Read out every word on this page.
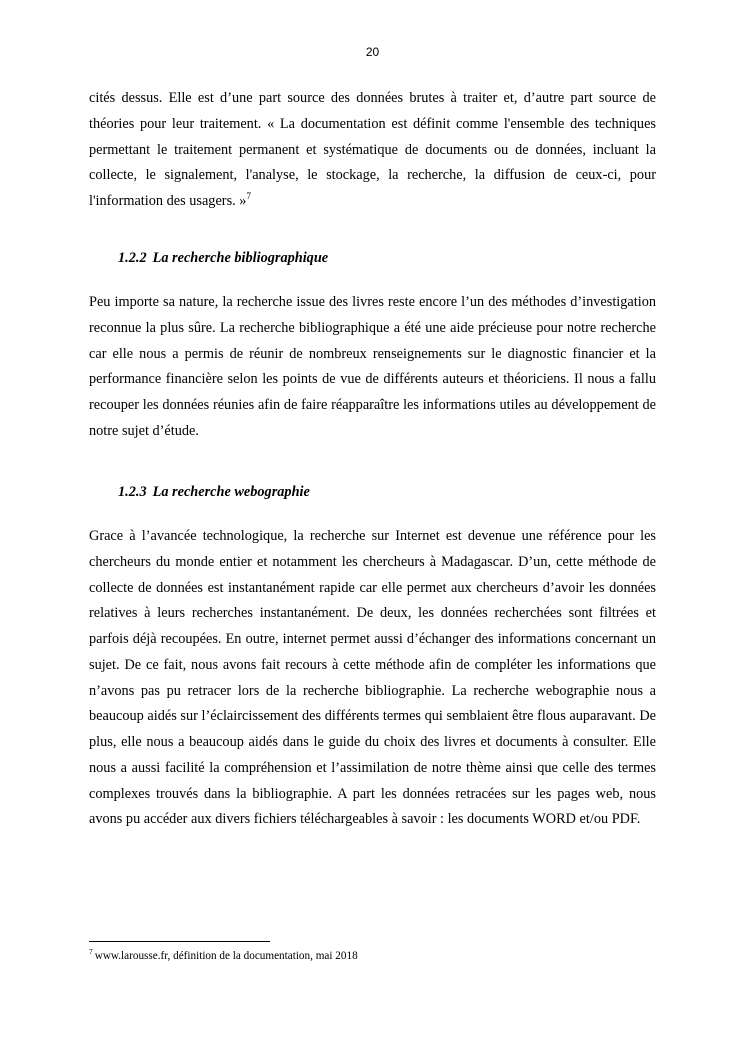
20

cités dessus. Elle est d’une part source des données brutes à traiter et, d’autre part source de théories pour leur traitement. « La documentation est définit comme l'ensemble des techniques permettant le traitement permanent et systématique de documents ou de données, incluant la collecte, le signalement, l'analyse, le stockage, la recherche, la diffusion de ceux-ci, pour l'information des usagers. »$^7$

1.2.2 La recherche bibliographique

Peu importe sa nature, la recherche issue des livres reste encore l’un des méthodes d’investigation reconnue la plus sûre. La recherche bibliographique a été une aide précieuse pour notre recherche car elle nous a permis de réunir de nombreux renseignements sur le diagnostic financier et la performance financière selon les points de vue de différents auteurs et théoriciens. Il nous a fallu recouper les données réunies afin de faire réapparaître les informations utiles au développement de notre sujet d’étude.

1.2.3 La recherche webographie

Grace à l’avancée technologique, la recherche sur Internet est devenue une référence pour les chercheurs du monde entier et notamment les chercheurs à Madagascar. D’un, cette méthode de collecte de données est instantanément rapide car elle permet aux chercheurs d’avoir les données relatives à leurs recherches instantanément. De deux, les données recherchées sont filtrées et parfois déjà recoupées. En outre, internet permet aussi d’échanger des informations concernant un sujet. De ce fait, nous avons fait recours à cette méthode afin de compléter les informations que n’avons pas pu retracer lors de la recherche bibliographie. La recherche webographie nous a beaucoup aidés sur l’éclaircissement des différents termes qui semblaient être flous auparavant. De plus, elle nous a beaucoup aidés dans le guide du choix des livres et documents à consulter. Elle nous a aussi facilité la compréhension et l’assimilation de notre thème ainsi que celle des termes complexes trouvés dans la bibliographie. A part les données retracées sur les pages web, nous avons pu accéder aux divers fichiers téléchargeables à savoir : les documents WORD et/ou PDF.

$^7$ www.larousse.fr, définition de la documentation, mai 2018
